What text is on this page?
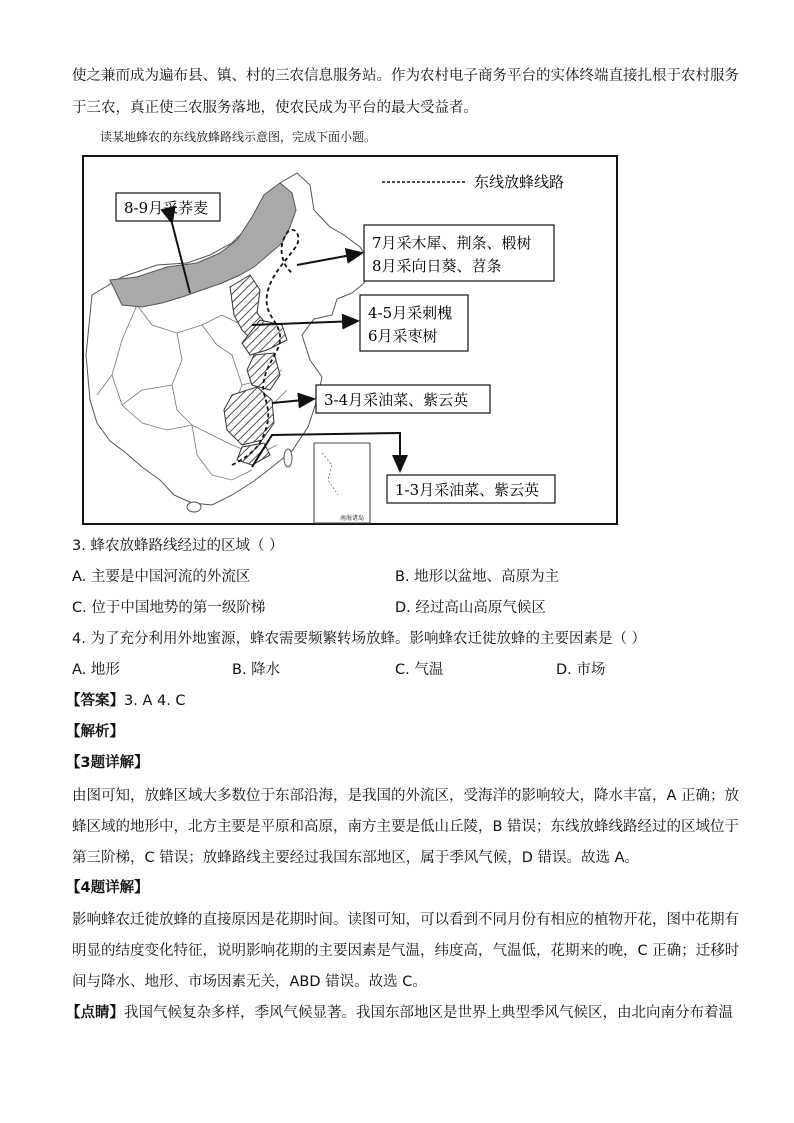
使之兼而成为遍布县、镇、村的三农信息服务站。作为农村电子商务平台的实体终端直接扎根于农村服务

于三农，真正使三农服务落地，使农民成为平台的最大受益者。

读某地蜂农的东线放蜂路线示意图，完成下面小题。
东线放蜂线路
8-9月采荞麦
7月采木犀、荆条、椴树
8月采向日葵、苕条
4-5月采刺槐
6月采枣树
3-4月采油菜、紫云英
南海诸岛
1-3月采油菜、紫云英
3. 蜂农放蜂路线经过的区域（ ）
A. 主要是中国河流的外流区	B. 地形以盆地、高原为主
C. 位于中国地势的第一级阶梯	D. 经过高山高原气候区
4. 为了充分利用外地蜜源，蜂农需要频繁转场放蜂。影响蜂农迁徙放蜂的主要因素是（ ）
A. 地形	B. 降水	C. 气温	D. 市场
【答案】3. A 4. C
【解析】
【3题详解】

由图可知，放蜂区域大多数位于东部沿海，是我国的外流区，受海洋的影响较大，降水丰富，A 正确；放

蜂区域的地形中，北方主要是平原和高原，南方主要是低山丘陵，B 错误；东线放蜂线路经过的区域位于

第三阶梯，C 错误；放蜂路线主要经过我国东部地区，属于季风气候，D 错误。故选 A。

【4题详解】

影响蜂农迁徙放蜂的直接原因是花期时间。读图可知，可以看到不同月份有相应的植物开花，图中花期有

明显的结度变化特征，说明影响花期的主要因素是气温，纬度高，气温低，花期来的晚，C 正确；迁移时

间与降水、地形、市场因素无关，ABD 错误。故选 C。

【点睛】我国气候复杂多样，季风气候显著。我国东部地区是世界上典型季风气候区，由北向南分布着温
